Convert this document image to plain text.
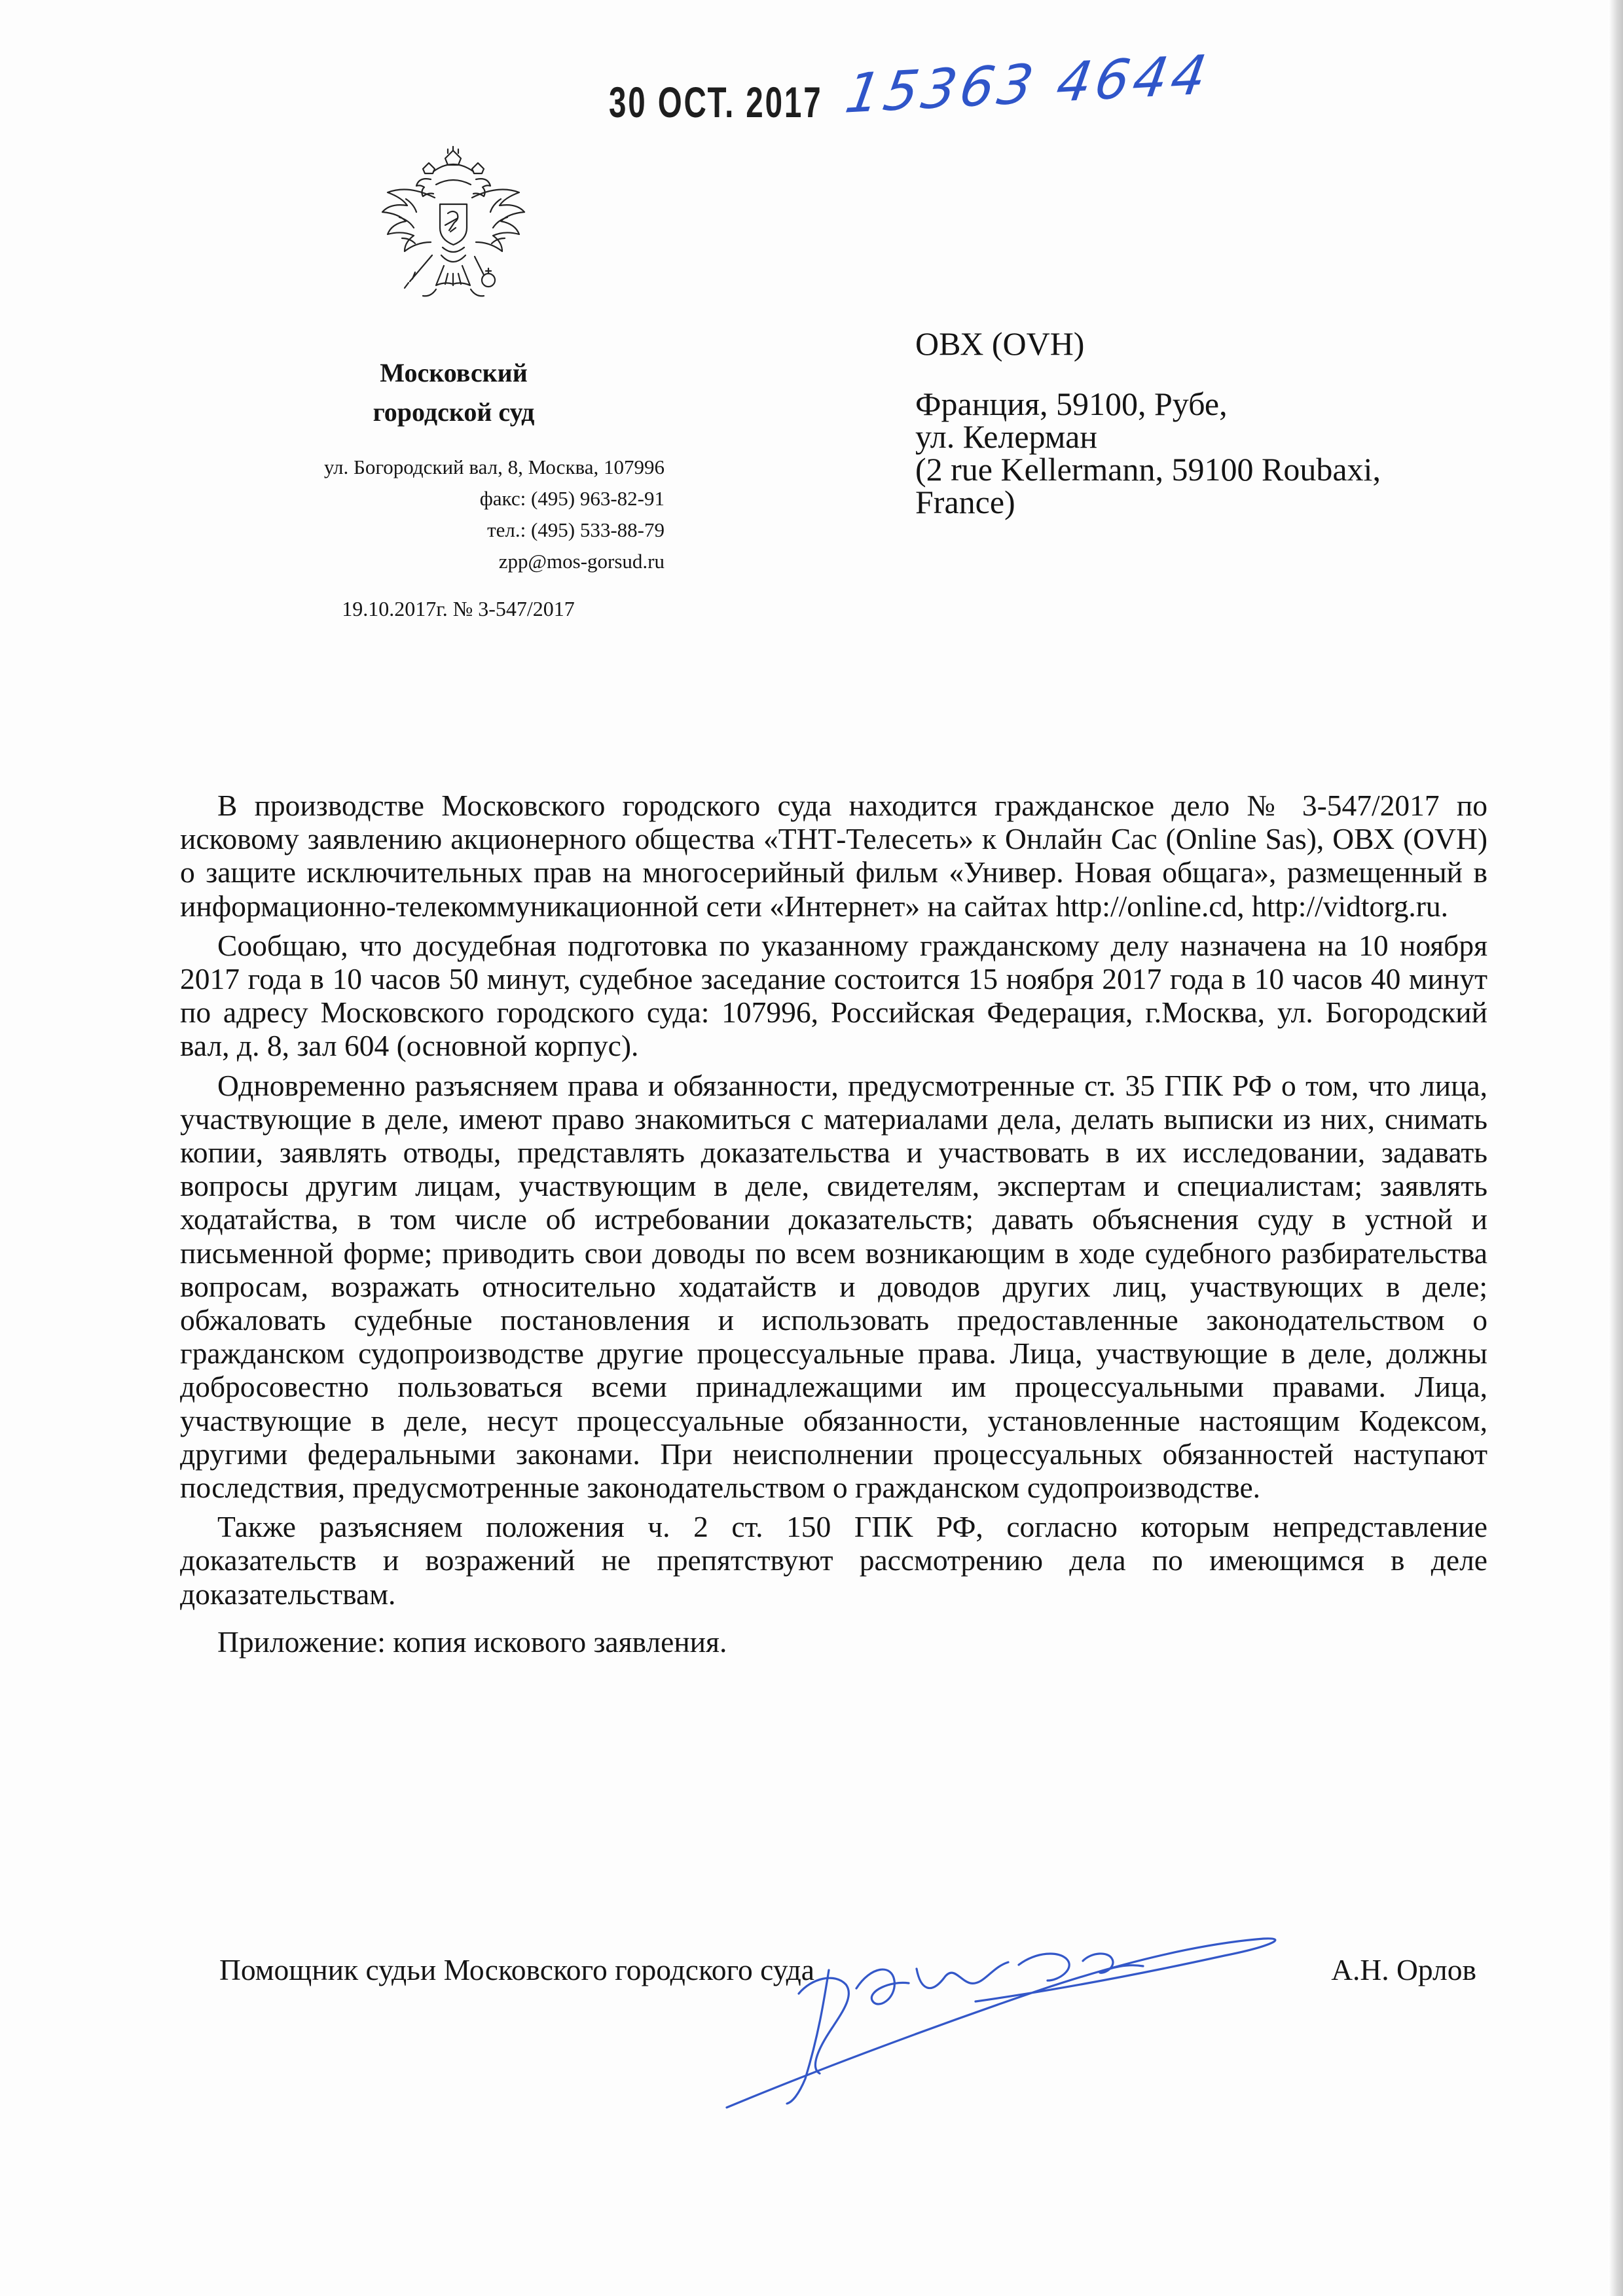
30 ОСТ. 2017 15363 4644
Московский
городской суд
ул. Богородский вал, 8, Москва, 107996
факс: (495) 963-82-91
тел.: (495) 533-88-79
zpp@mos-gorsud.ru
19.10.2017г. № 3-547/2017
ОВХ (OVH)
Франция, 59100, Рубе,
ул. Келерман
(2 rue Kellermann, 59100 Roubaxi,
France)

В производстве Московского городского суда находится гражданское дело № 3-547/2017 по исковому заявлению акционерного общества «ТНТ-Телесеть» к Онлайн Сас (Online Sas), ОВХ (OVH) о защите исключительных прав на многосерийный фильм «Универ. Новая общага», размещенный в информационно-телекоммуникационной сети «Интернет» на сайтах http://online.cd, http://vidtorg.ru.

Сообщаю, что досудебная подготовка по указанному гражданскому делу назначена на 10 ноября 2017 года в 10 часов 50 минут, судебное заседание состоится 15 ноября 2017 года в 10 часов 40 минут по адресу Московского городского суда: 107996, Российская Федерация, г.Москва, ул. Богородский вал, д. 8, зал 604 (основной корпус).

Одновременно разъясняем права и обязанности, предусмотренные ст. 35 ГПК РФ о том, что лица, участвующие в деле, имеют право знакомиться с материалами дела, делать выписки из них, снимать копии, заявлять отводы, представлять доказательства и участвовать в их исследовании, задавать вопросы другим лицам, участвующим в деле, свидетелям, экспертам и специалистам; заявлять ходатайства, в том числе об истребовании доказательств; давать объяснения суду в устной и письменной форме; приводить свои доводы по всем возникающим в ходе судебного разбирательства вопросам, возражать относительно ходатайств и доводов других лиц, участвующих в деле; обжаловать судебные постановления и использовать предоставленные законодательством о гражданском судопроизводстве другие процессуальные права. Лица, участвующие в деле, должны добросовестно пользоваться всеми принадлежащими им процессуальными правами. Лица, участвующие в деле, несут процессуальные обязанности, установленные настоящим Кодексом, другими федеральными законами. При неисполнении процессуальных обязанностей наступают последствия, предусмотренные законодательством о гражданском судопроизводстве.

Также разъясняем положения ч. 2 ст. 150 ГПК РФ, согласно которым непредставление доказательств и возражений не препятствуют рассмотрению дела по имеющимся в деле доказательствам.

Приложение: копия искового заявления.

Помощник судьи Московского городского суда	А.Н. Орлов
